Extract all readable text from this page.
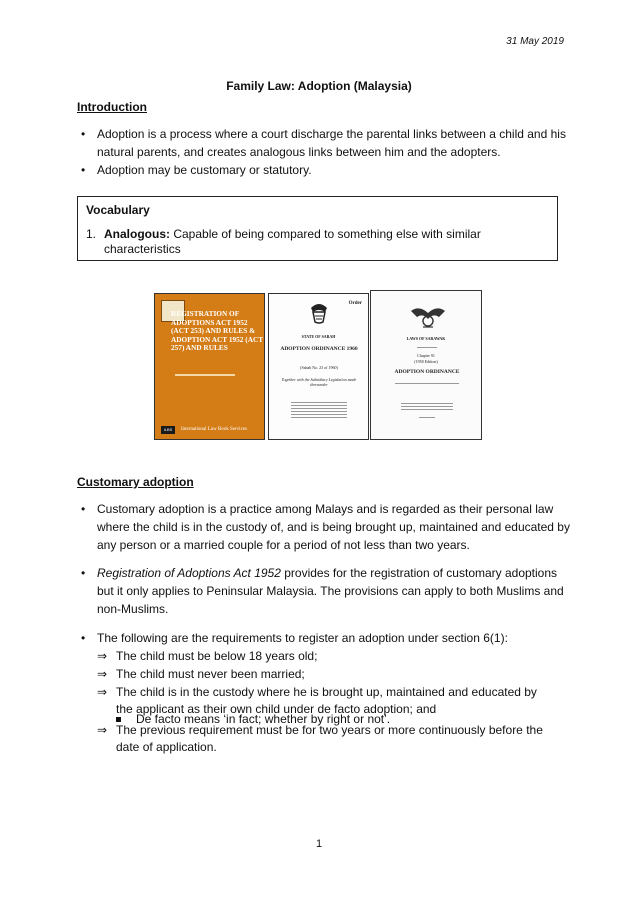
31 May 2019
Family Law: Adoption (Malaysia)
Introduction
• Adoption is a process where a court discharge the parental links between a child and his natural parents, and creates analogous links between him and the adopters.
• Adoption may be customary or statutory.
Vocabulary
1. Analogous: Capable of being compared to something else with similar characteristics
REGISTRATION OF ADOPTIONS ACT 1952 (ACT 253) AND RULES & ADOPTION ACT 1952 (ACT 257) AND RULES
ILBS	International Law Book Services
Order
STATE OF SABAH
ADOPTION ORDINANCE 1960
(Sabah No. 23 of 1960)
Together with the Subsidiary Legislation made thereunder
LAWS OF SARAWAK
Chapter 91
(1958 Edition)
ADOPTION ORDINANCE
Customary adoption
• Customary adoption is a practice among Malays and is regarded as their personal law where the child is in the custody of, and is being brought up, maintained and educated by any person or a married couple for a period of not less than two years.
• Registration of Adoptions Act 1952 provides for the registration of customary adoptions but it only applies to Peninsular Malaysia. The provisions can apply to both Muslims and non-Muslims.
• The following are the requirements to register an adoption under section 6(1):
⇒ The child must be below 18 years old;
⇒ The child must never been married;
⇒ The child is in the custody where he is brought up, maintained and educated by the applicant as their own child under de facto adoption; and
De facto means ‘in fact; whether by right or not’.
⇒ The previous requirement must be for two years or more continuously before the date of application.
1
